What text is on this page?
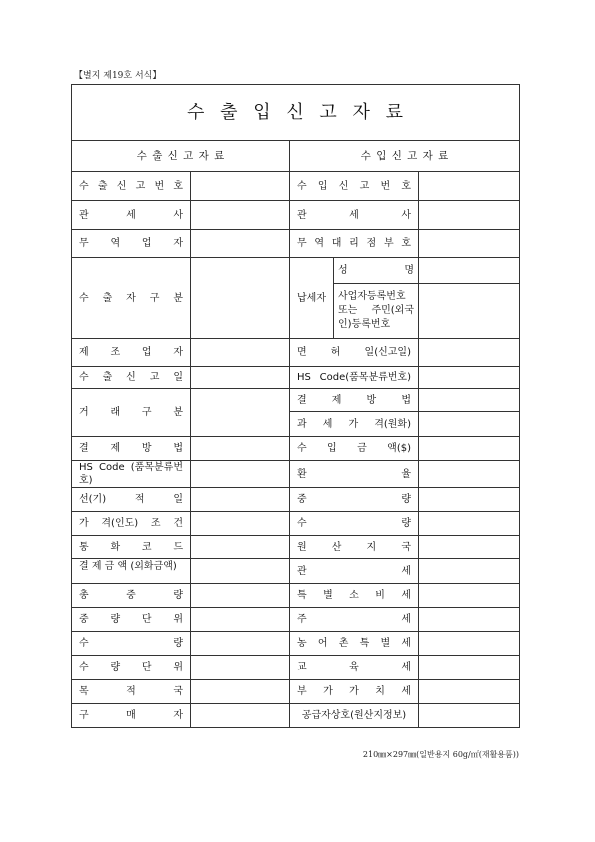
【별지 제19호 서식】
수 출 입 신 고 자 료				
수 출 신 고 자 료		수 입 신 고 자 료		

수 출 신 고 번 호		수 입 신 고 번 호		

관 세 사		관 세 사		

무 역 업 자		무 역 대 리 점 부 호		

수 출 자 구 분		납세자	성 명	

			사업자등록번호 또는 주민(외국인)등록번호	

제 조 업 자		면 허 일(신고일)		

수 출 신 고 일		HS Code(품목분류번호)		

거 래 구 분		결 제 방 법		

		과 세 가 격(원화)		

결 제 방 법		수 입 금 액($)		

HS Code (품목분류번호)		환 율		

선(기) 적 일		중 량		

가 격(인도) 조 건		수 량		

통 화 코 드		원 산 지 국		

결 제 금 액 (외화금액)		관 세		

총 중 량		특 별 소 비 세		

중 량 단 위		주 세		

수 량		농 어 촌 특 별 세		

수 량 단 위		교 육 세		

목 적 국		부 가 가 치 세		

구 매 자		공급자상호(원산지정보)		

210㎜×297㎜(일반용지 60g/㎡(재활용품))
